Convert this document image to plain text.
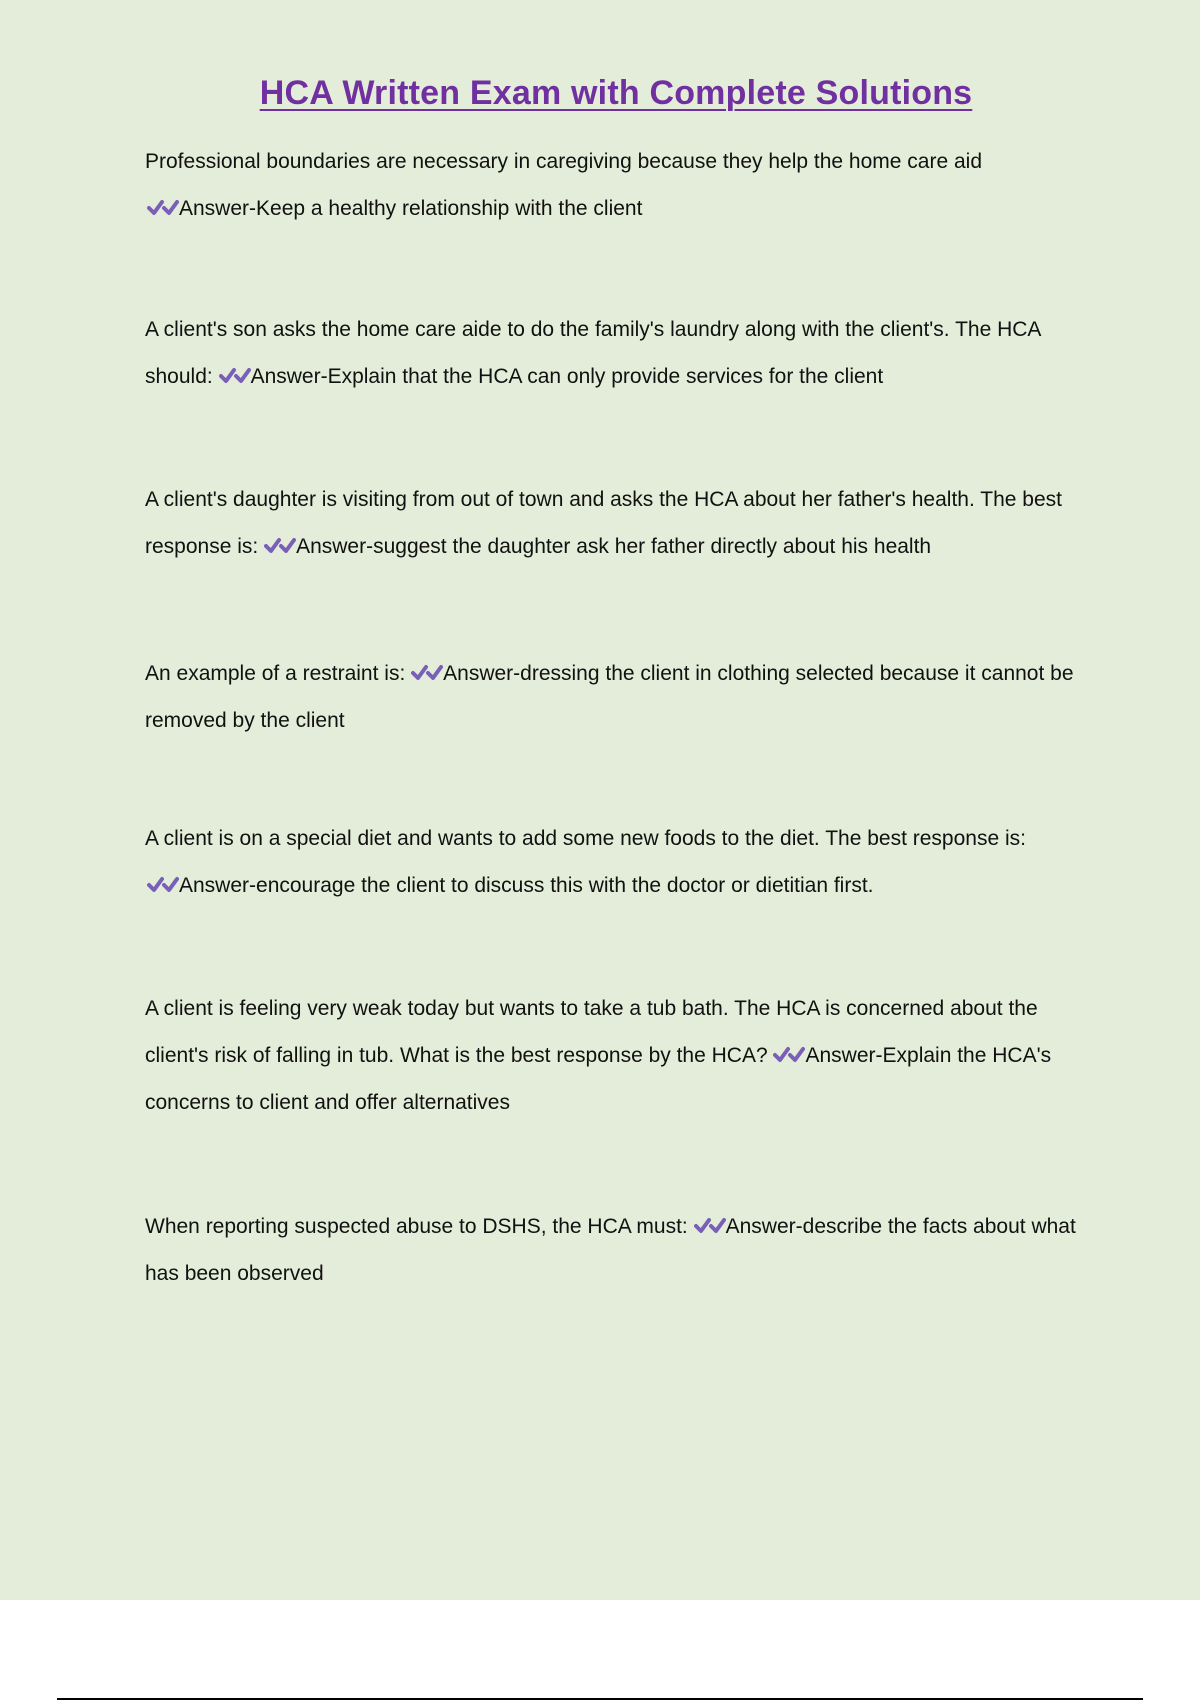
HCA Written Exam with Complete Solutions

Professional boundaries are necessary in caregiving because they help the home care aid

Answer-Keep a healthy relationship with the client

A client's son asks the home care aide to do the family's laundry along with the client's. The HCA should: Answer-Explain that the HCA can only provide services for the client

A client's daughter is visiting from out of town and asks the HCA about her father's health. The best response is: Answer-suggest the daughter ask her father directly about his health

An example of a restraint is: Answer-dressing the client in clothing selected because it cannot be removed by the client

A client is on a special diet and wants to add some new foods to the diet. The best response is:

Answer-encourage the client to discuss this with the doctor or dietitian first.

A client is feeling very weak today but wants to take a tub bath. The HCA is concerned about the client's risk of falling in tub. What is the best response by the HCA? Answer-Explain the HCA's concerns to client and offer alternatives

When reporting suspected abuse to DSHS, the HCA must: Answer-describe the facts about what has been observed
